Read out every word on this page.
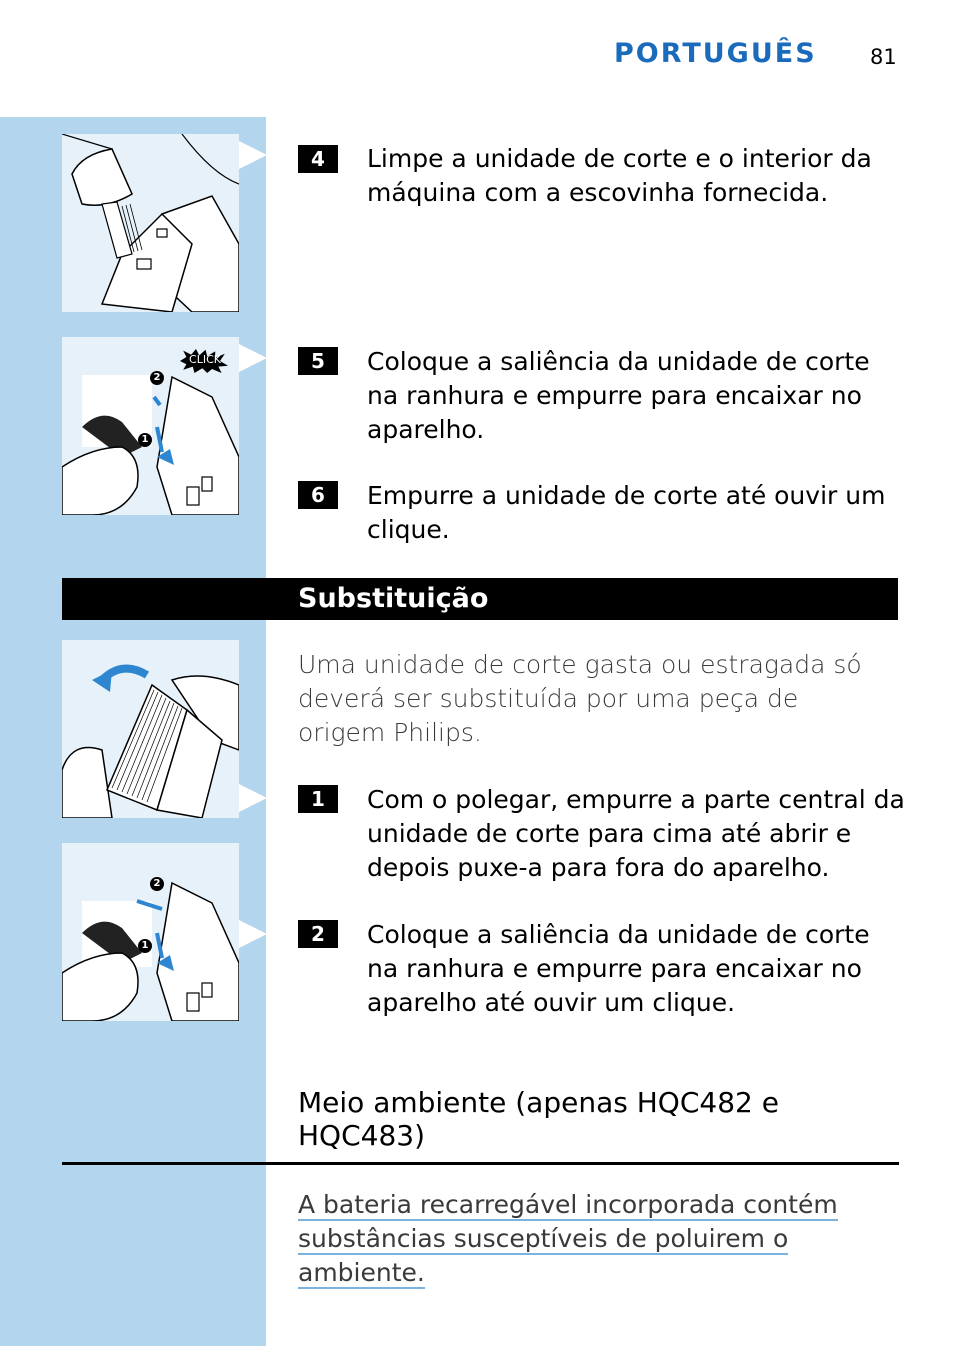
PORTUGUÊS	81
CLICK
2
1
2
1
4	Limpe a unidade de corte e o interior da máquina com a escovinha fornecida.
5	Coloque a saliência da unidade de corte na ranhura e empurre para encaixar no aparelho.
6	Empurre a unidade de corte até ouvir um clique.
Substituição
Uma unidade de corte gasta ou estragada só deverá ser substituída por uma peça de origem Philips.
1	Com o polegar, empurre a parte central da unidade de corte para cima até abrir e depois puxe-a para fora do aparelho.
2	Coloque a saliência da unidade de corte na ranhura e empurre para encaixar no aparelho até ouvir um clique.
Meio ambiente (apenas HQC482 e HQC483)
A bateria recarregável incorporada contém substâncias susceptíveis de poluirem o ambiente.
